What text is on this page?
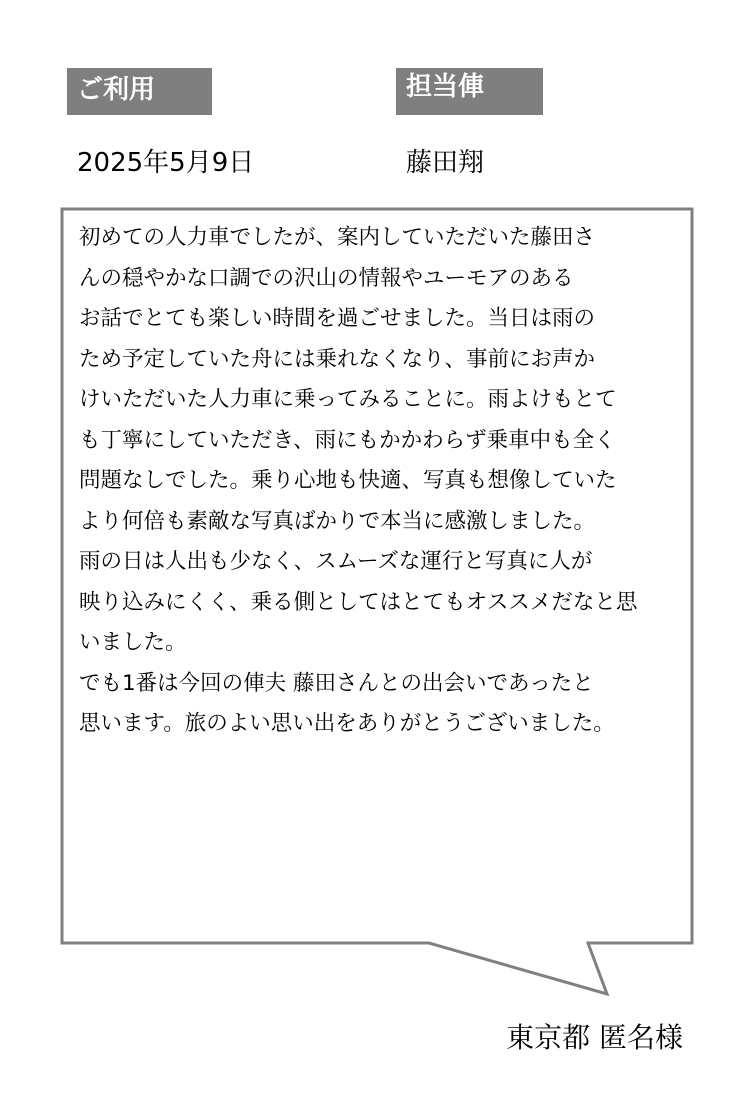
ご利用	担当俥
2025年5月9日	藤田翔
初めての人力車でしたが、案内していただいた藤田さ
んの穏やかな口調での沢山の情報やユーモアのある
お話でとても楽しい時間を過ごせました。当日は雨の
ため予定していた舟には乗れなくなり、事前にお声か
けいただいた人力車に乗ってみることに。雨よけもとて
も丁寧にしていただき、雨にもかかわらず乗車中も全く
問題なしでした。乗り心地も快適、写真も想像していた
より何倍も素敵な写真ばかりで本当に感激しました。
雨の日は人出も少なく、スムーズな運行と写真に人が
映り込みにくく、乗る側としてはとてもオススメだなと思
いました。
でも1番は今回の俥夫 藤田さんとの出会いであったと
思います。旅のよい思い出をありがとうございました。
東京都 匿名様
